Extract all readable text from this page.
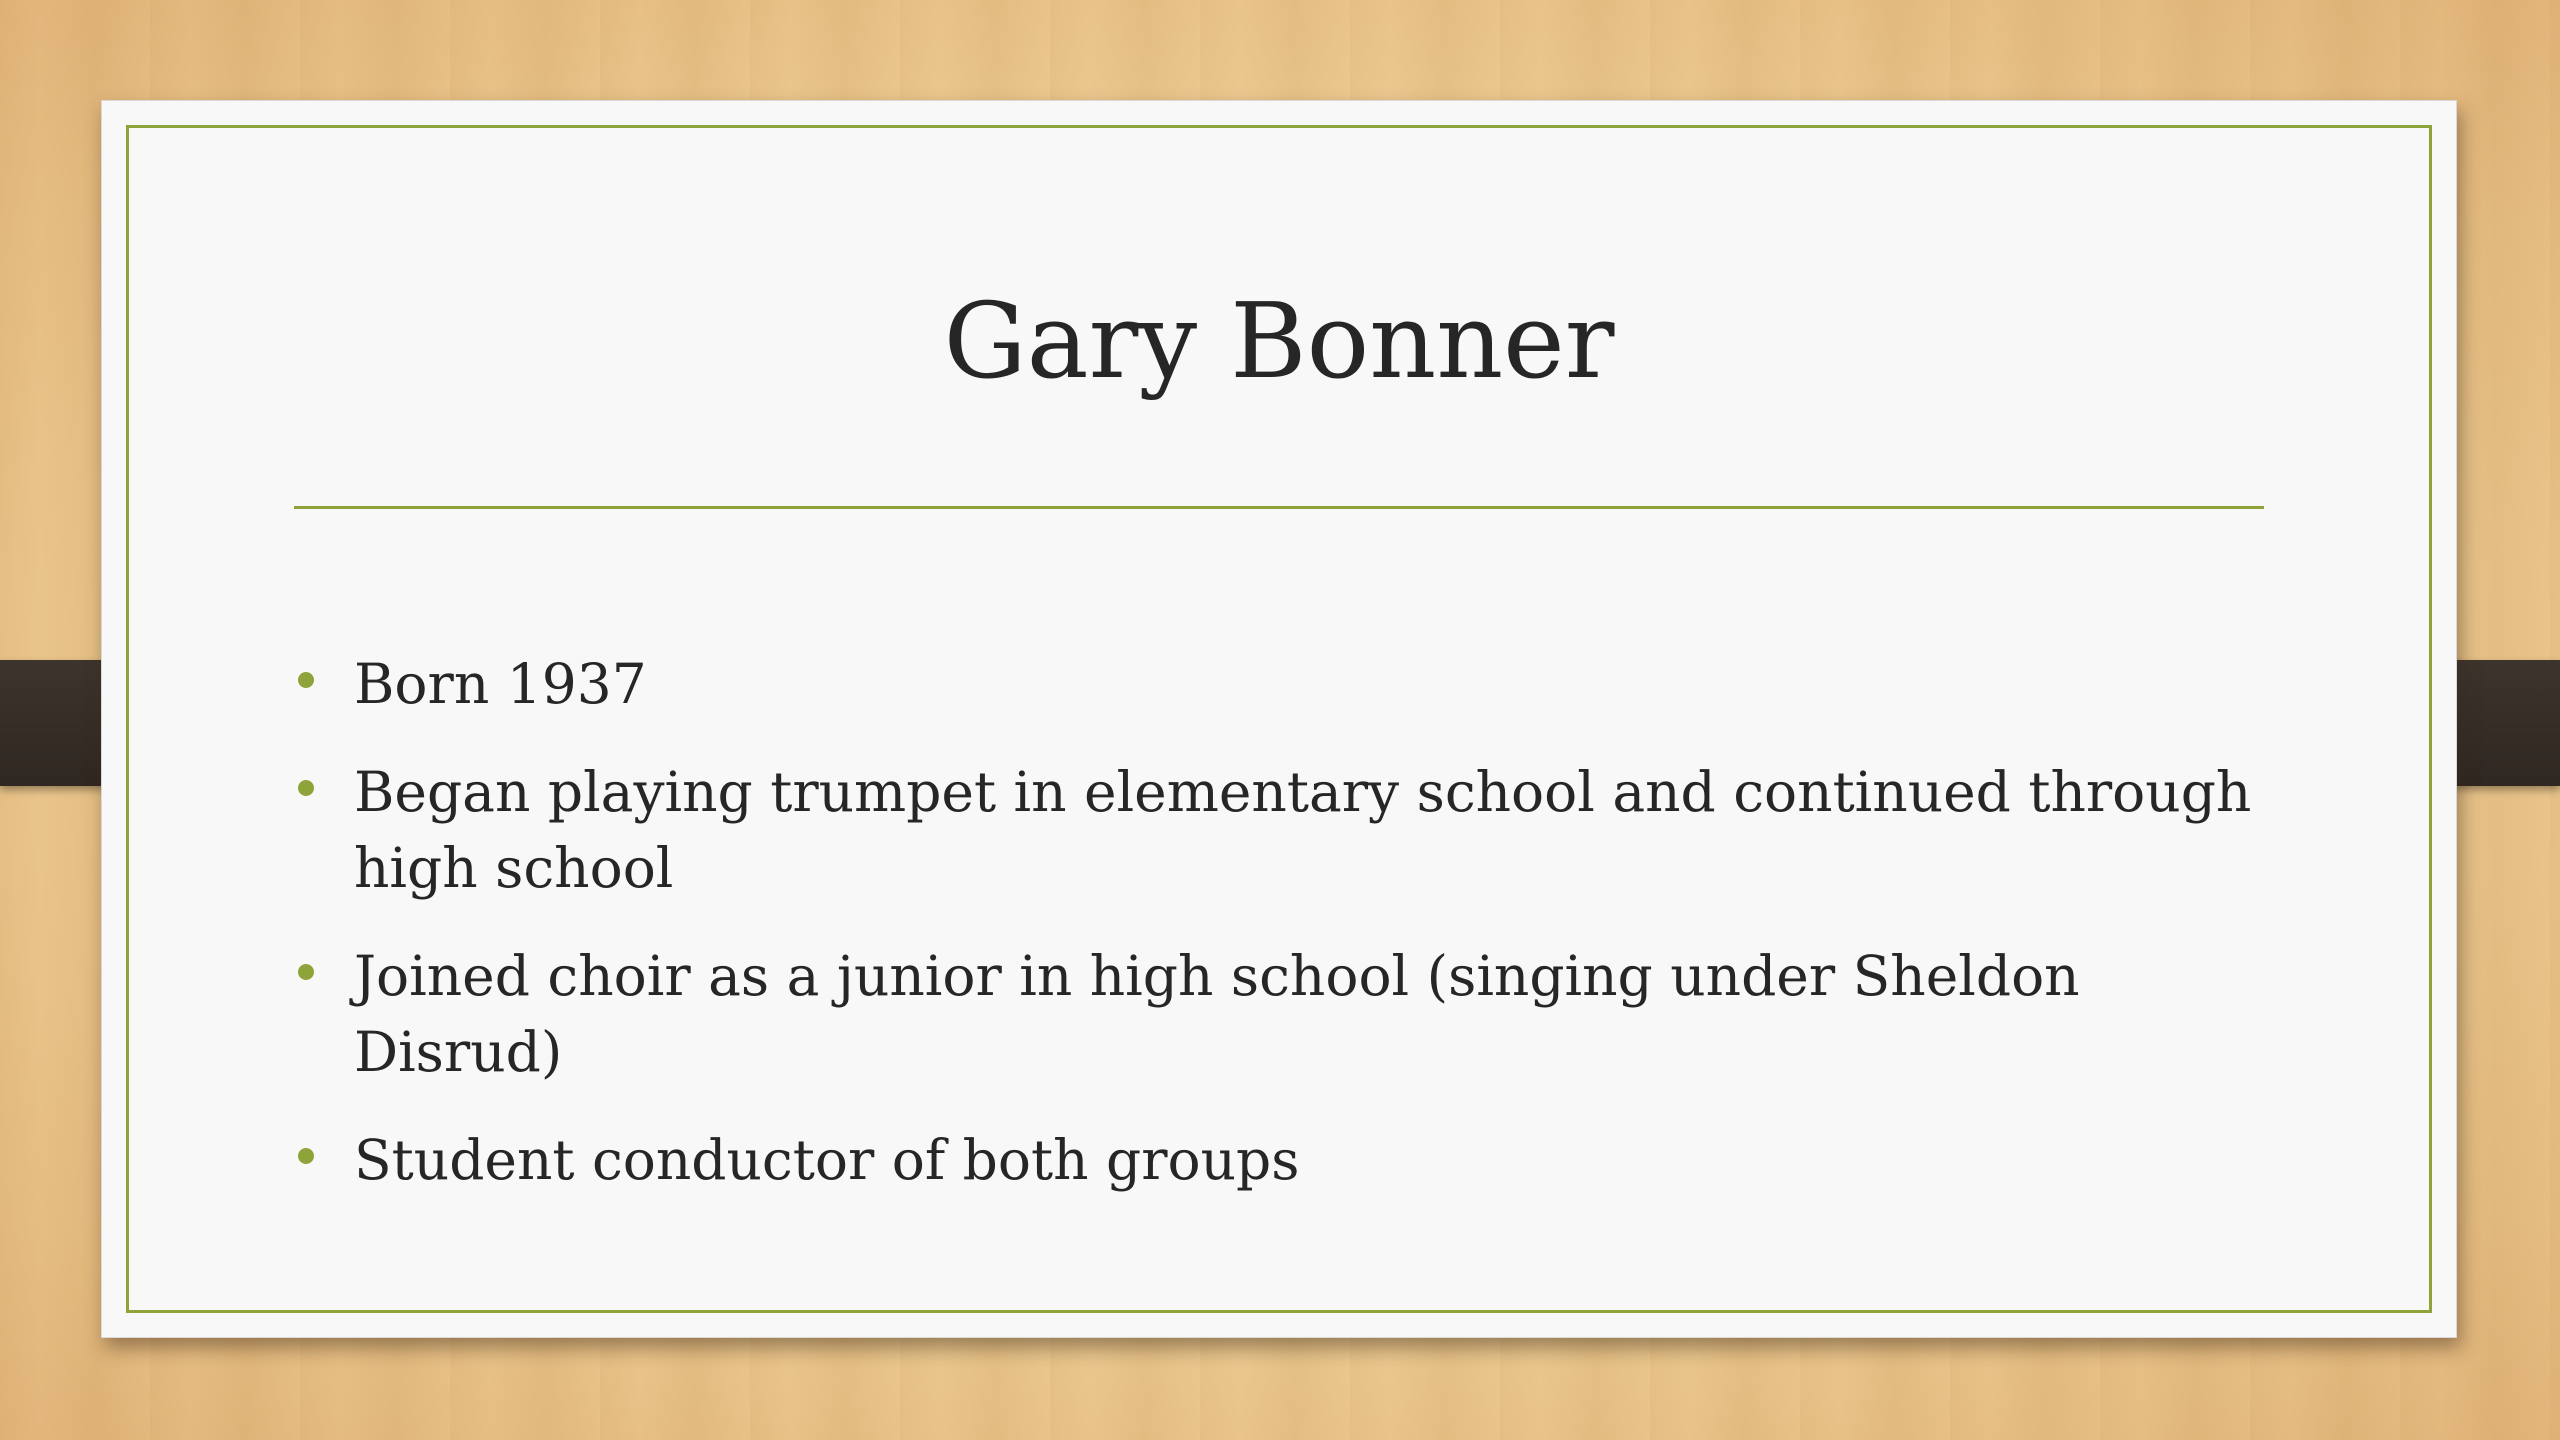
Gary Bonner
Born 1937
Began playing trumpet in elementary school and continued through high school
Joined choir as a junior in high school (singing under Sheldon Disrud)
Student conductor of both groups
